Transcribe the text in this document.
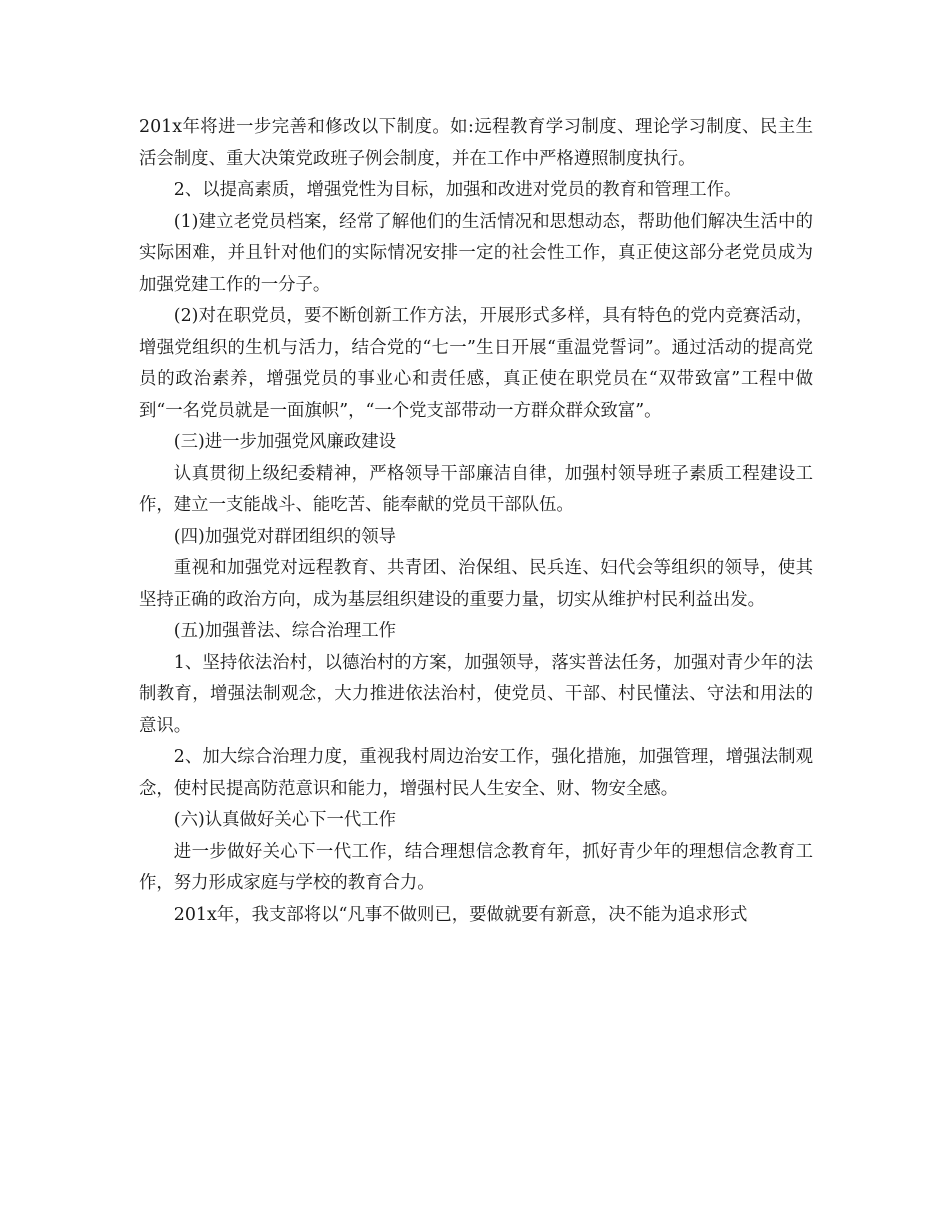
201x年将进一步完善和修改以下制度。如:远程教育学习制度、理论学习制度、民主生活会制度、重大决策党政班子例会制度，并在工作中严格遵照制度执行。

2、以提高素质，增强党性为目标，加强和改进对党员的教育和管理工作。

(1)建立老党员档案，经常了解他们的生活情况和思想动态，帮助他们解决生活中的实际困难，并且针对他们的实际情况安排一定的社会性工作，真正使这部分老党员成为加强党建工作的一分子。

(2)对在职党员，要不断创新工作方法，开展形式多样，具有特色的党内竞赛活动，增强党组织的生机与活力，结合党的“七一”生日开展“重温党誓词”。通过活动的提高党员的政治素养，增强党员的事业心和责任感，真正使在职党员在“双带致富”工程中做到“一名党员就是一面旗帜”，“一个党支部带动一方群众群众致富”。

(三)进一步加强党风廉政建设

认真贯彻上级纪委精神，严格领导干部廉洁自律，加强村领导班子素质工程建设工作，建立一支能战斗、能吃苦、能奉献的党员干部队伍。

(四)加强党对群团组织的领导

重视和加强党对远程教育、共青团、治保组、民兵连、妇代会等组织的领导，使其坚持正确的政治方向，成为基层组织建设的重要力量，切实从维护村民利益出发。

(五)加强普法、综合治理工作

1、坚持依法治村，以德治村的方案，加强领导，落实普法任务，加强对青少年的法制教育，增强法制观念，大力推进依法治村，使党员、干部、村民懂法、守法和用法的意识。

2、加大综合治理力度，重视我村周边治安工作，强化措施，加强管理，增强法制观念，使村民提高防范意识和能力，增强村民人生安全、财、物安全感。

(六)认真做好关心下一代工作

进一步做好关心下一代工作，结合理想信念教育年，抓好青少年的理想信念教育工作，努力形成家庭与学校的教育合力。

201x年，我支部将以“凡事不做则已，要做就要有新意，决不能为追求形式
